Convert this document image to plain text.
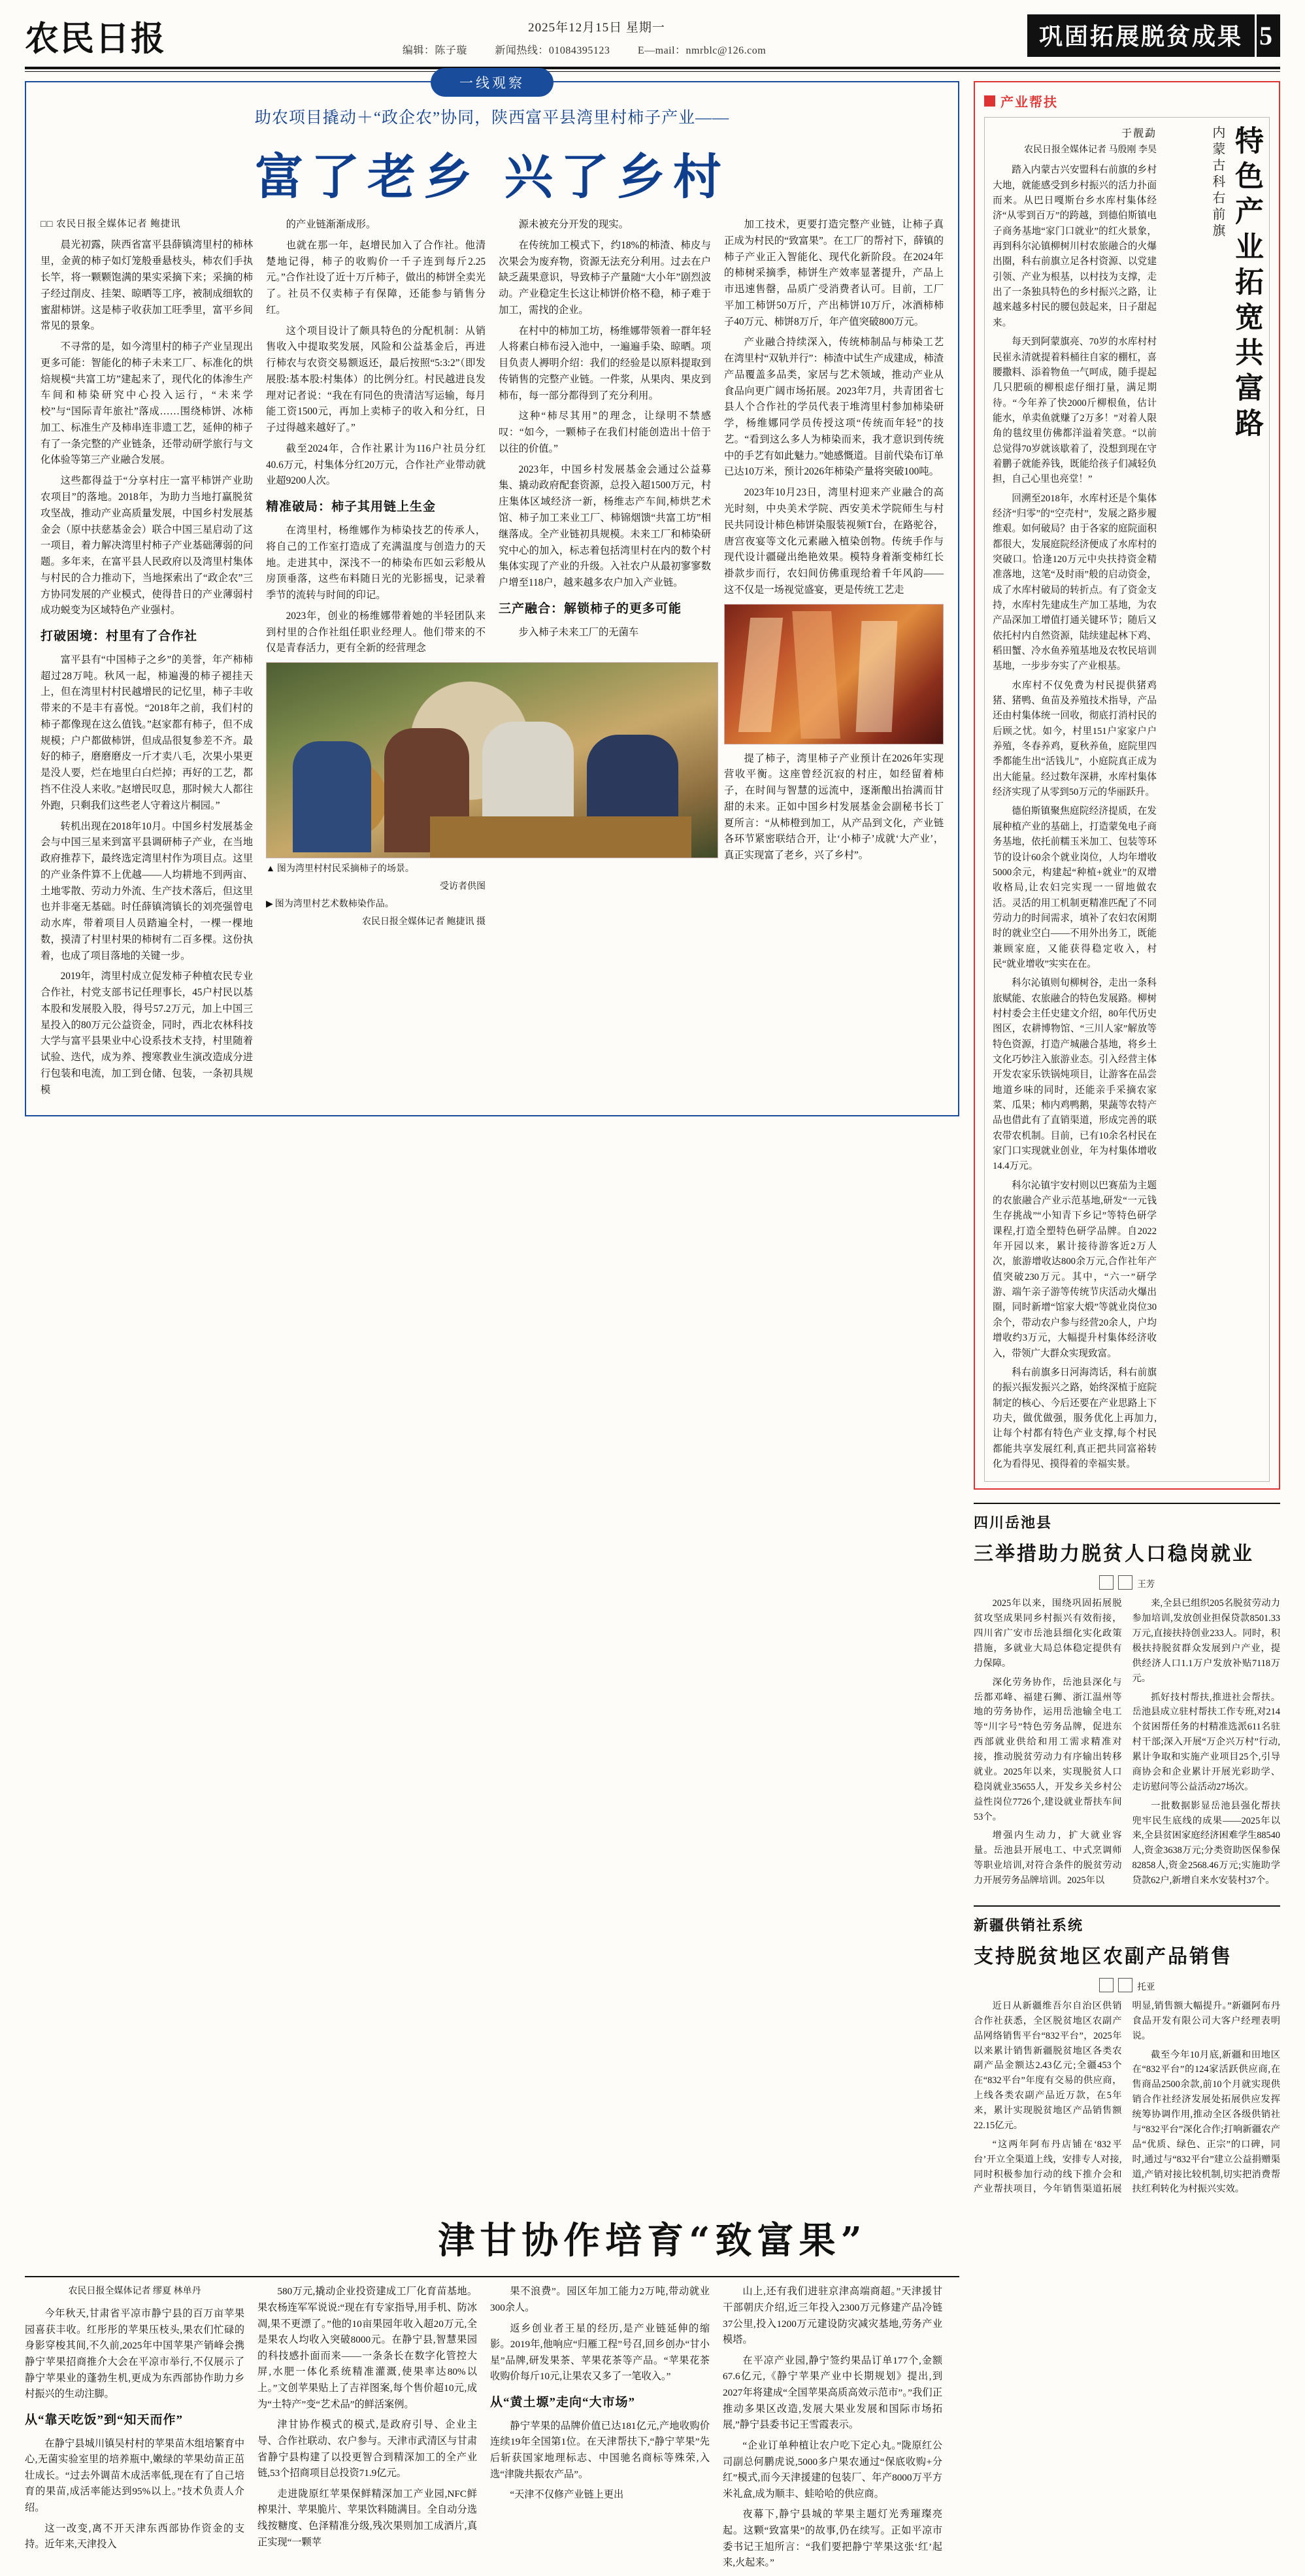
农民日报	2025年12月15日 星期一
编辑：陈子璇	新闻热线：01084395123	E—mail：nmrblc@126.com
巩固拓展脱贫成果 5
一线观察
助农项目撬动＋“政企农”协同，陕西富平县湾里村柿子产业——
富了老乡 兴了乡村
□□ 农民日报全媒体记者 鲍捷讯

晨光初露，陕西省富平县薛镇湾里村的柿林里，金黄的柿子如灯笼般垂悬枝头，柿农们手执长竿，将一颗颗饱满的果实采摘下来；采摘的柿子经过削皮、挂架、晾晒等工序，被制成细软的蜜甜柿饼。这是柿子收获加工旺季里，富平乡间常见的景象。

不寻常的是，如今湾里村的柿子产业呈现出更多可能：智能化的柿子未来工厂、标准化的烘焙规模“共富工坊”建起来了，现代化的体渗生产车间和柿染研究中心投入运行，“未来学校”与“国际青年旅社”落成……围绕柿饼、冰柿加工、标准生产及柿串连非遗工艺，延伸的柿子有了一条完整的产业链条，还带动研学旅行与文化体验等第三产业融合发展。

这些都得益于“分享村庄一富平柿饼产业助农项目”的落地。2018年，为助力当地打赢脱贫攻坚战，推动产业高质量发展，中国乡村发展基金会（原中扶慈基金会）联合中国三星启动了这一项目，着力解决湾里村柿子产业基础薄弱的问题。多年来，在富平县人民政府以及湾里村集体与村民的合力推动下，当地探索出了“政企农”三方协同发展的产业模式，使得昔日的产业薄弱村成功蜕变为区域特色产业强村。

打破困境：村里有了合作社

富平县有“中国柿子之乡”的美誉，年产柿杮超过28万吨。秋风一起，柿遍漫的柿子褪挂天上，但在湾里村村民越增民的记忆里，柿子丰收带来的不是丰有喜悦。“2018年之前，我们村的柿子都像现在这么值钱。”赵家都有柿子，但不成规模；户户都做柿饼，但成品很复参差不齐。最好的柿子，磨磨磨皮一斤才卖八毛，次果小果更是没人要，烂在地里白白烂掉；再好的工艺，都挡不住没人来收。”赵增民叹息，那时候大人都往外跑，只剩我们这些老人守着这片桐园。”

转机出现在2018年10月。中国乡村发展基金会与中国三星来到富平县调研柿子产业，在当地政府推荐下，最终选定湾里村作为项目点。这里的产业条件算不上优越——人均耕地不到两亩、土地零散、劳动力外流、生产技术落后，但这里也并非毫无基础。时任薛镇湾镇长的刘亮强曾电动水库，带着项目人员踏遍全村，一棵一棵地数，摸清了村里村果的柿树有二百多棵。这份执着，也成了项目落地的关键一步。

2019年，湾里村成立促发柿子种植农民专业合作社，村党支部书记任理事长，45户村民以基本股和发展股入股，得号57.2万元，加上中国三星投入的80万元公益资金，同时，西北农林科技大学与富平县果业中心设系技术支持，村里随着试验、迭代，成为养、搜寒教业生演改造成分进行包装和电流，加工到仓储、包装，一条初具规模

的产业链渐渐成形。

也就在那一年，赵增民加入了合作社。他清楚地记得，柿子的收购价一千子连到每斤2.25元。”合作社设了近十万斤柿子，做出的柿饼全卖光了。社员不仅卖柿子有保障，还能参与销售分红。

这个项目设计了颇具特色的分配机制：从销售收入中提取奖发展，风险和公益基金后，再进行柿农与农资交易额返还，最后按照“5:3:2”（即发展股:基本股:村集体）的比例分红。村民越进良发理对记者说：“我在有同色的贵清洁写运输，每月能工资1500元，再加上卖柿子的收入和分红，日子过得越来越好了。”

截至2024年，合作社累计为116户社员分红40.6万元，村集体分红20万元，合作社产业带动就业超9200人次。

精准破局：柿子其用链上生金

在湾里村，杨维娜作为柿染技艺的传承人，将自己的工作室打造成了充满温度与创造力的天地。走进其中，深浅不一的柿染布匹如云彩般从房顶垂落，这些布料随日光的光影摇曳，记录着季节的流转与时间的印记。

2023年，创业的杨维娜带着她的半轻团队来到村里的合作社组任职业经理人。他们带来的不仅是青春活力，更有全新的经营理念

▲ 图为湾里村村民采摘柿子的场景。
受访者供图
▶ 图为湾里村艺术数柿染作品。
农民日报全媒体记者 鲍捷讯 摄

源未被充分开发的现实。

在传统加工模式下，约18%的柿渣、柿皮与次果会为废弃物，资源无法充分利用。过去在户缺乏蔬果意识，导致柿子产量随“大小年”剧烈波动。产业稳定生长这让柿饼价格不稳，柿子难于加工，需找的企业。

在村中的柿加工坊，杨维娜带领着一群年轻人将素白柿布浸入池中，一遍遍手染、晾晒。项目负责人褥明介绍：我们的经验是以原料提取到传销售的完整产业链。一件浆，从果肉、果皮到柿布，每一部分都得到了充分利用。

这种“柿尽其用”的理念，让绿明不禁感叹：“如今，一颗柿子在我们村能创造出十倍于以往的价值。”

2023年，中国乡村发展基金会通过公益募集、撬动政府配套资源，总投入超1500万元，村庄集体区域经济一新，杨维志产车间,柿烘艺术馆、柿子加工来业工厂、柿锦烟馈“共富工坊”相继落成。全产业链初具规模。未来工厂和柿染研究中心的加入，标志着包括湾里村在内的数个村集体实现了产业的升级。入社农户从最初寥寥数户增至118户，越来越多农户加入产业链。

三产融合：解锁柿子的更多可能

步入柿子未来工厂的无菌车

加工技术，更要打造完整产业链，让柿子真正成为村民的“致富果”。在工厂的帮衬下，薛镇的柿子产业正入智能化、现代化新阶段。在2024年的柿树采摘季，柿饼生产效率显著提升，产品上市迅速售罄，品质广受消费者认可。目前，工厂平加工柿饼50万斤，产出柿饼10万斤，冰酒柿柿子40万元、柿饼8万斤，年产值突破800万元。

产业融合持续深入，传统柿制品与柿染工艺在湾里村“双轨并行”：柿渣中试生产成建成，柿渣产品覆盖多品类，家居与艺术领域，推动产业从食品向更广阔市场拓展。2023年7月，共青团省七县人个合作社的学员代表于堆湾里村参加柿染研学，杨维娜同学员传授这项“传统而年轻”的技艺。“看到这么多人为柿染而来，我才意识到传统中的手艺有如此魅力。”她感慨道。目前代染布订单已达10万米，预计2026年柿染产量将突破100吨。

2023年10月23日，湾里村迎来产业融合的高光时刻，中央美术学院、西安美术学院师生与村民共同设计柿色柿饼染服装视频T台，在路驼谷，唐宫夜宴等文化元素融入植染创物。传统手作与现代设计疆碰出绝艳效果。模特身着渐变柿红长褂款步而行，农妇间仿佛重现给着千年风韵——这不仅是一场视觉盛宴，更是传统工艺走

提了柿子，湾里柿子产业预计在2026年实现营收平衡。这座曾经沉寂的村庄，如经留着柿子，在时间与智慧的远流中，逐渐酿出抬满而甘甜的未来。正如中国乡村发展基金会副秘书长丁夏所言：“从柿橙到加工，从产品到文化，产业链各环节紧密联结合开，让‘小柿子’成就‘大产业’，真正实现富了老乡，兴了乡村”。

产业帮扶
于靓勐
农民日报全媒体记者 马殷刚 李昊

踏入内蒙古兴安盟科右前旗的乡村大地，就能感受到乡村振兴的活力扑面而来。从巴日嘎斯台乡水库村集体经济“从零到百万”的跨越，到德伯斯镇电子商务基地“家门口就业”的红火景象，再到科尔沁镇柳树川村农旅融合的火爆出圈，科右前旗立足各村资源、以党建引领、产业为根基，以村技为支撑，走出了一条独具特色的乡村振兴之路，让越来越多村民的腰包鼓起来，日子甜起来。

每天到阿蒙旗亮、70岁的水库村村民崔永清就提着料桶往自家的棚杠，喜腰撒料、添着物鱼一气呵成，随手提起几只肥硕的柳根虑仔细打量，满足期待。“今年养了快2000斤柳根鱼，估计能水，单卖鱼就赚了2万多！”对着人限角的毯纹里仿佛都洋溢着笑意。“以前总觉得70岁就该歇着了，没想到现在守着鹏子就能养钱，既能给孩子们减轻负担，自己心里也亮堂！”

回溯至2018年，水库村还是个集体经济“归零”的“空壳村”，发展之路步履维艰。如何破局？由于各家的庭院面积都很大，发展庭院经济便成了水库村的突破口。恰逢120万元中央扶持资金精准落地，这笔“及时雨”般的启动资金，成了水库村破局的转折点。有了资金支持，水库村先建成生产加工基地，为农产品深加工增值打通关键环节；随后又依托村内自然资源，陆续建起林下鸡、稻田蟹、冷水鱼养殖基地及农牧民培训基地，一步步夯实了产业根基。

水库村不仅免费为村民提供猪鸡猪、猪鸭、鱼苗及养殖技术指导，产品还由村集体统一回收，彻底打消村民的后顾之忧。如今，村里151户家家户户养殖，冬春养鸡，夏秋养鱼，庭院里四季都能生出“活钱儿”，小庭院真正成为出大能量。经过数年深耕，水库村集体经济实现了从零到50万元的华丽跃升。

德伯斯镇聚焦庭院经济提质，在发展种植产业的基础上，打造蒙兔电子商务基地，依托前糯玉米加工、包装等环节的设计60余个就业岗位，人均年增收5000余元，构建起“种植+就业”的双增收格局,让农妇完实现一一留地做农活。灵活的用工机制更精准匹配了不同劳动力的时间需求，填补了农妇农闲期时的就业空白——不用外出务工，既能兼顾家庭，又能获得稳定收入，村民“就业增收”实实在在。

科尔沁镇则旬柳树谷，走出一条科旅赋能、农旅融合的特色发展路。柳树村村委会主任史建文介绍，80年代历史图区，农耕博物馆、“三川人家”解放等特色资源，打造产城融合基地，将乡土文化巧妙注入旅游业态。引入经营主体开发农家乐铁锅炖项目，让游客在品尝地道乡味的同时，还能亲手采摘农家菜、瓜果；柿内鸡鸭鹅，果蔬等农特产品也借此有了直销渠道，形成完善的联农带农机制。目前，已有10余名村民在家门口实现就业创业，年为村集体增收14.4万元。

科尔沁镇宇安村则以巴赛茄为主题的农旅融合产业示范基地,研发“一元钱生存挑战”“小知青下乡记”等特色研学课程,打造全塑特色研学品牌。自2022年开园以来，累计接待游客近2万人次，旅游增收达800余万元,合作社年产值突破230万元。其中，“六一”研学游、端午亲子游等传统节庆活动火爆出圈，同时新增“馆家大煅”等就业岗位30余个，带动农户参与经营20余人，户均增收约3万元，大幅提升村集体经济收入，带领广大群众实现致富。

科右前旗多日河海湾话，科右前旗的振兴振发振兴之路，始终深植于庭院制定的核心、今后还要在产业思路上下功夫，做优做强，服务优化上再加力,让每个村都有特色产业支撑,每个村民都能共享发展红利,真正把共同富裕转化为看得见、摸得着的幸福实景。

特色产业拓宽共富路
内蒙古科右前旗
四川岳池县
三举措助力脱贫人口稳岗就业
王芳

2025年以来，围绕巩固拓展脱贫攻坚成果同乡村振兴有效衔接，四川省广安市岳池县细化实化政策措施，多就业大局总体稳定提供有力保障。

深化劳务协作，岳池县深化与岳都邓峰、福建石狮、浙江温州等地的劳务协作，运用岳池输全电工等“川字号”特色劳务品牌，促进东西部就业供给和用工需求精准对接，推动脱贫劳动力有序输出转移就业。2025年以来，实现脱贫人口稳岗就业35655人，开发乡关乡村公益性岗位7726个,建设就业帮扶车间53个。

增强内生动力，扩大就业容量。岳池县开展电工、中式烹调师等职业培训,对符合条件的脱贫劳动力开展劳务品牌培训。2025年以

来,全县已组织205名脱贫劳动力参加培训,发放创业担保贷款8501.33万元,直接扶持创业233人。同时，积极扶持脱贫群众发展到户产业，提供经济人口1.1万户发放补贴7118万元。

抓好技村帮扶,推进社会帮扶。岳池县成立驻村帮扶工作专班,对214个贫困帮任务的村精准选派611名驻村干部;深入开展“万企兴万村”行动,累计争取和实施产业项目25个,引导商协会和企业累计开展光彩助学、走访慰问等公益活动27场次。

一批数据影显岳池县强化帮扶兜牢民生底线的成果——2025年以来,全县贫困家庭经济困难学生88540人,资金3638万元;分类资助医保参保82858人,资金2568.46万元;实施助学贷款62户,新增自来水安装村37个。

新疆供销社系统
支持脱贫地区农副产品销售
托亚

近日从新疆维吾尔自治区供销合作社获悉，全区脱贫地区农副产品网络销售平台“832平台”，2025年以来累计销售新疆脱贫地区各类农副产品金额达2.43亿元;全疆453个在“832平台”年度有交易的供应商，上线各类农副产品近万款，在5年来，累计实现脱贫地区产品销售额22.15亿元。

“这两年阿布丹店铺在‘832平台’开立全渠道上线，安排专人对接,同时积极参加行动的线下推介会和产业帮扶项目，今年销售渠道拓展明显,销售额大幅提升。”新疆阿布丹食品开发有限公司大客户经理表明说。

截至今年10月底,新疆和田地区在“832平台”的124家活跃供应商,在售商品2500余款,前10个月就实现供销合作社经济发展处拓展供应发挥统筹协调作用,推动全区各级供销社与“832平台”深化合作;打响新疆农产品“优质、绿色、正宗”的口碑，同时,通过与“832平台”建立公益捐赠渠道,产销对接比较机制,切实把消费帮扶红利转化为村振兴实效。

津甘协作培育“致富果”
农民日报全媒体记者 缪夏 林单丹

今年秋天,甘肃省平凉市静宁县的百万亩苹果园喜获丰收。红彤彤的苹果压枝头,果农们忙碌的身影穿梭其间,不久前,2025年中国苹果产销峰会携静宁苹果招商推介大会在平凉市举行,不仅展示了静宁苹果业的蓬勃生机,更成为东西部协作助力乡村振兴的生动注脚。

从“靠天吃饭”到“知天而作”

在静宁县城川镇吴村村的苹果苗木组培繁育中心,无菌实验室里的培养瓶中,嫩绿的苹果幼苗正茁壮成长。“过去外调苗木成活率低,现在有了自己培育的果苗,成活率能达到95%以上。”技术负责人介绍。

这一改变,离不开天津东西部协作资金的支持。近年来,天津投入

580万元,撬动企业投资建成工厂化育苗基地。果农杨连军军说说:“现在有专家指导,用手机、防冰凋,果不更漂了。”他的10亩果园年收入超20万元,全是果农人均收入突破8000元。在静宁县,智慧果园的科技感扑面而来——一条条长在数字化管控大屏,水肥一体化系统精准灌溉,使果率达80%以上。”文创苹果贴上了吉祥图案,每个售价超10元,成为“土特产”变“艺术品”的鲜活案例。

津甘协作模式的模式,是政府引导、企业主导、合作社联动、农户参与。天津市武清区与甘肃省静宁县构建了以投更智合到精深加工的全产业链,53个招商项目总投资71.9亿元。

走进陇原红苹果保鲜精深加工产业园,NFC鲜榨果汁、苹果脆片、苹果饮料随满目。全自动分选线按糖度、色泽精准分级,残次果则加工成酒片,真正实现“一颗苹

果不浪费”。园区年加工能力2万吨,带动就业300余人。

返乡创业者王星的经历,是产业链延伸的缩影。2019年,他响应“归雁工程”号召,回乡创办“甘小星”品牌,研发果茶、苹果花茶等产品。“苹果花茶收购价每斤10元,让果农又多了一笔收入。”

从“黄土塬”走向“大市场”

静宁苹果的品牌价值已达181亿元,产地收购价连续19年全国第1位。在天津帮扶下,“静宁苹果”先后斩获国家地理标志、中国驰名商标等殊荣,入选“津陇共振农产品”。

“天津不仅修产业链上更出

山上,还有我们进驻京津高端商超。”天津援甘干部朝庆介绍,近三年投入2300万元修建产品冷链37公里,投入1200万元建设防灾减灾基地,劳务产业模塔。

在平凉产业园,静宁签约果品订单177个,金额67.6亿元,《静宁苹果产业中长期规划》提出,到2027年将建成“全国苹果高质高效示范市”。”我们正推动多果区改造,发展大果业发展和国际市场拓展,”静宁县委书记王雪霞表示。

“企业订单种植让农户吃下定心丸。”陇原红公司副总何鹏虎说,5000多户果农通过“保底收购+分红”模式,而今天津援建的包装厂、年产8000万平方米礼盒,成为顺丰、蛙哈哈的供应商。

夜幕下,静宁县城的苹果主题灯光秀璀璨亮起。这颗“致富果”的故事,仍在续写。正如平凉市委书记王旭所言：“我们要把静宁苹果这张‘红’起来,火起来。”
